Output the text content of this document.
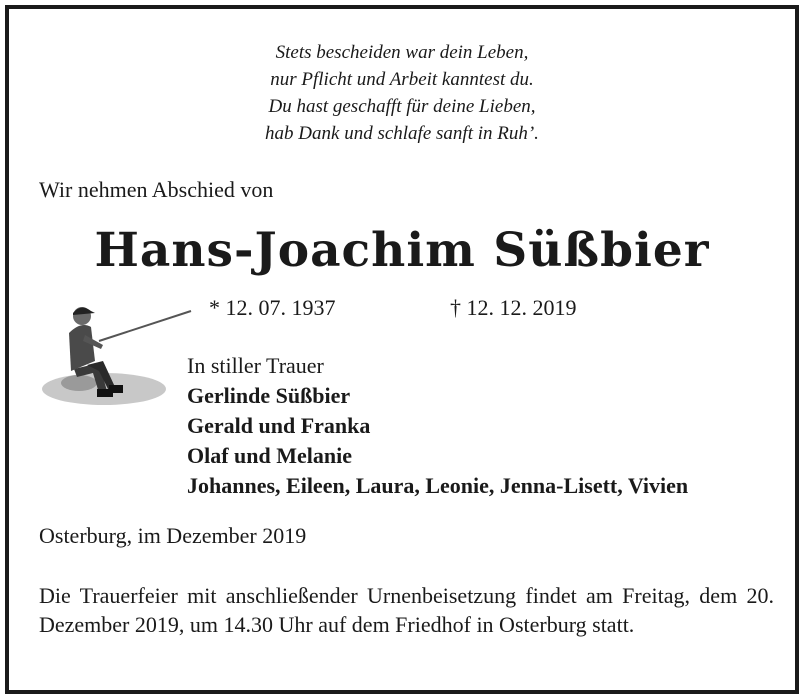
Stets bescheiden war dein Leben,
nur Pflicht und Arbeit kanntest du.
Du hast geschafft für deine Lieben,
hab Dank und schlafe sanft in Ruh’.
Wir nehmen Abschied von
Hans-Joachim Süßbier
* 12. 07. 1937	† 12. 12. 2019
In stiller Trauer
Gerlinde Süßbier
Gerald und Franka
Olaf und Melanie
Johannes, Eileen, Laura, Leonie, Jenna-Lisett, Vivien
Osterburg, im Dezember 2019
Die Trauerfeier mit anschließender Urnenbeisetzung findet am Freitag, dem 20. Dezember 2019, um 14.30 Uhr auf dem Friedhof in Osterburg statt.
